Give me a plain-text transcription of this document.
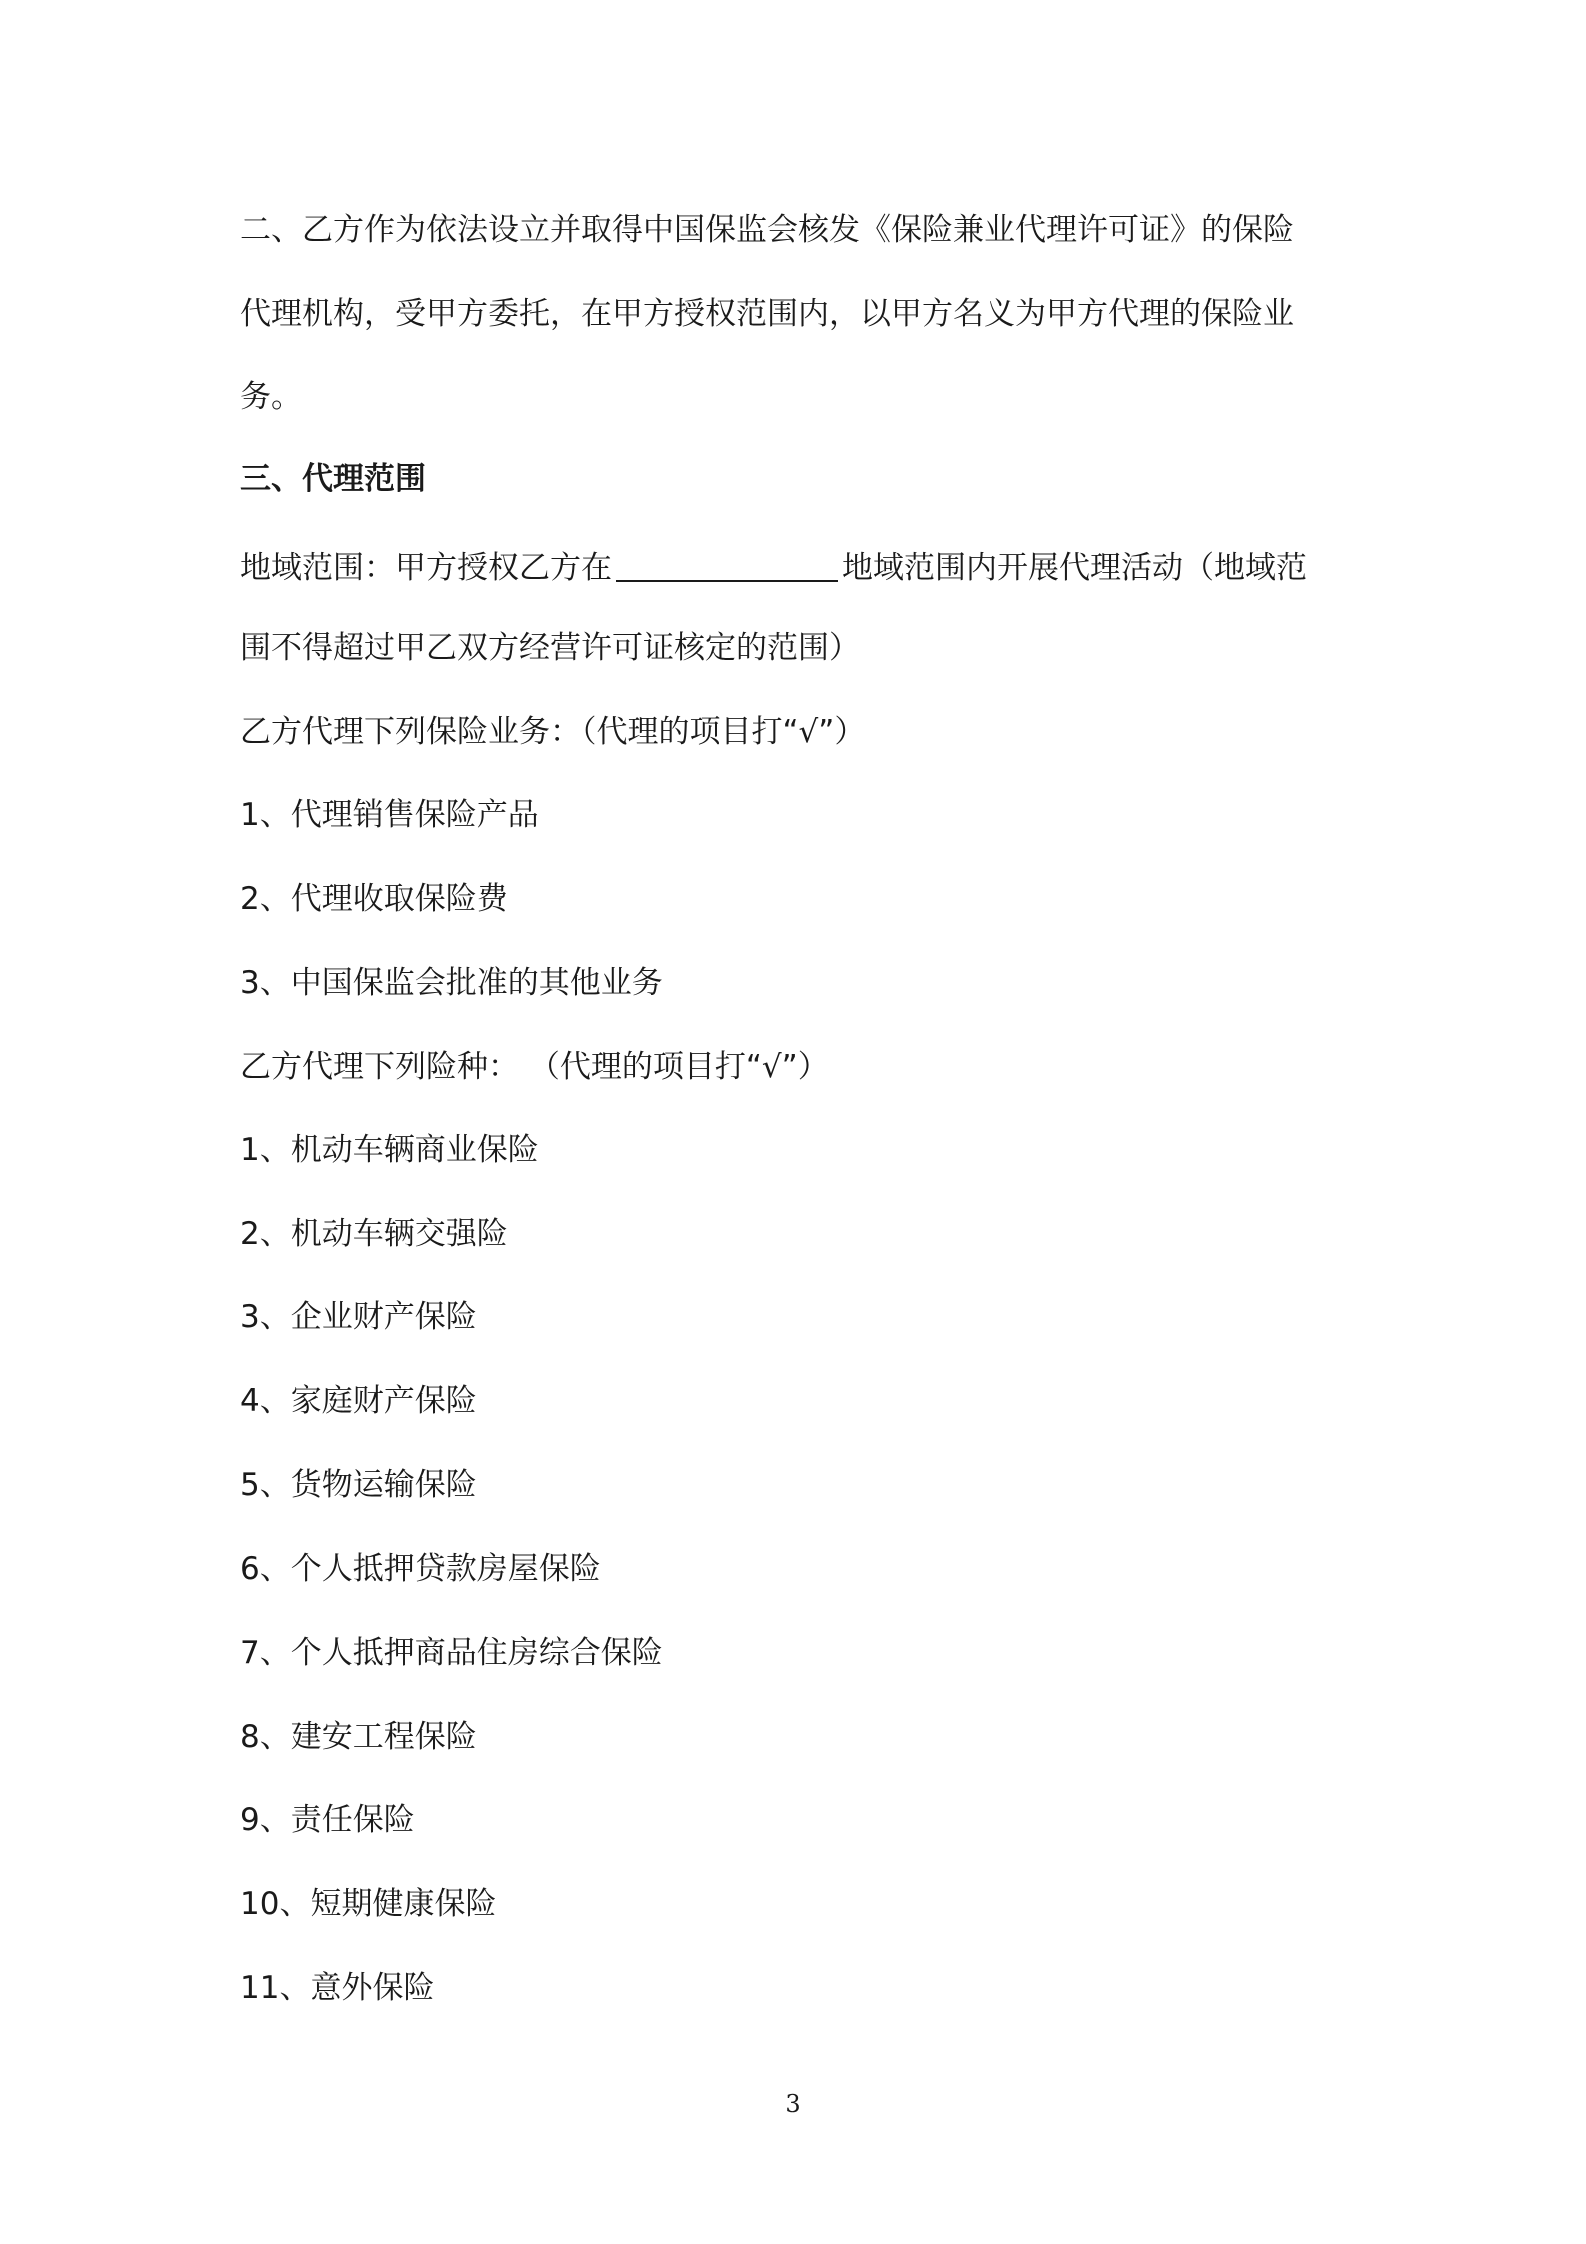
二、乙方作为依法设立并取得中国保监会核发《保险兼业代理许可证》的保险
代理机构，受甲方委托，在甲方授权范围内，以甲方名义为甲方代理的保险业
务。
三、代理范围
地域范围：甲方授权乙方在	地域范围内开展代理活动（地域范
围不得超过甲乙双方经营许可证核定的范围）
乙方代理下列保险业务：（代理的项目打“√”）
1、代理销售保险产品
2、代理收取保险费
3、中国保监会批准的其他业务
乙方代理下列险种： （代理的项目打“√”）
1、机动车辆商业保险
2、机动车辆交强险
3、企业财产保险
4、家庭财产保险
5、货物运输保险
6、个人抵押贷款房屋保险
7、个人抵押商品住房综合保险
8、建安工程保险
9、责任保险
10、短期健康保险
11、意外保险
3
